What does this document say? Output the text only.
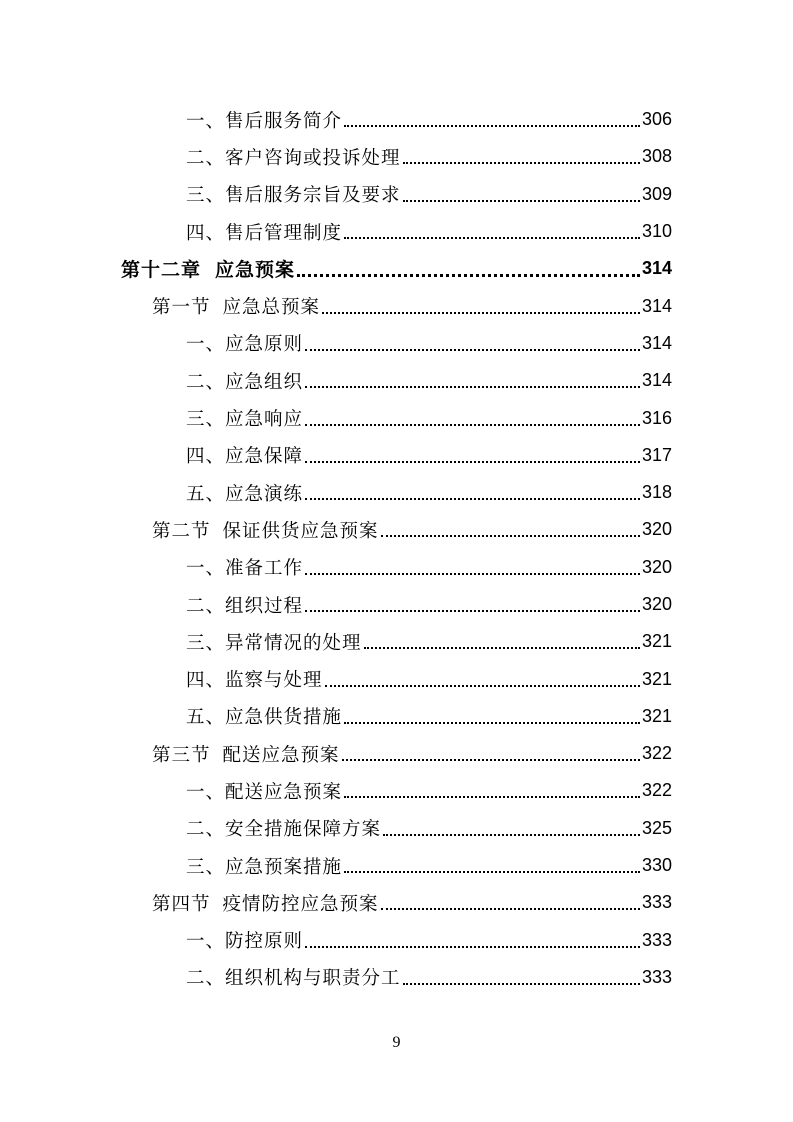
一、 售后服务简介	306
二、 客户咨询或投诉处理	308
三、 售后服务宗旨及要求	309
四、 售后管理制度	310
第十二章 应急预案	314
第一节 应急总预案	314
一、 应急原则	314
二、 应急组织	314
三、 应急响应	316
四、 应急保障	317
五、 应急演练	318
第二节 保证供货应急预案	320
一、 准备工作	320
二、 组织过程	320
三、 异常情况的处理	321
四、 监察与处理	321
五、 应急供货措施	321
第三节 配送应急预案	322
一、 配送应急预案	322
二、 安全措施保障方案	325
三、 应急预案措施	330
第四节 疫情防控应急预案	333
一、 防控原则	333
二、 组织机构与职责分工	333
9
